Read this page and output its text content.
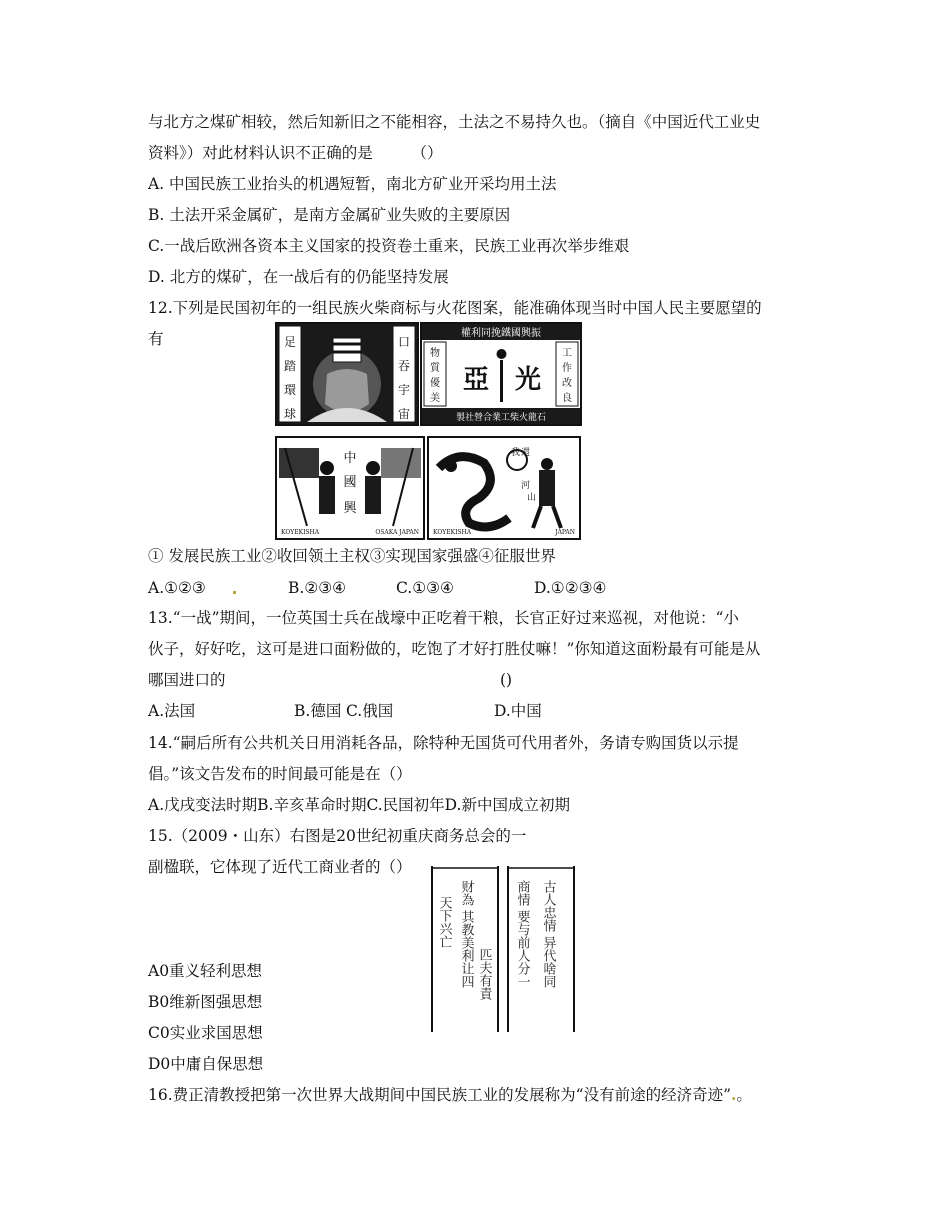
与北方之煤矿相较，然后知新旧之不能相容，土法之不易持久也。（摘自《中国近代工业史
资料》）对此材料认识不正确的是　　　（）
A. 中国民族工业抬头的机遇短暂，南北方矿业开采均用土法
B. 土法开采金属矿，是南方金属矿业失败的主要原因
C.一战后欧洲各资本主义国家的投资卷土重来，民族工业再次举步维艰
D. 北方的煤矿，在一战后有的仍能坚持发展
12.下列是民国初年的一组民族火柴商标与火花图案，能准确体现当时中国人民主要愿望的
有	足
踏
環
球
口
吞
宇
宙
權利同挽鐵國興振
製社營合業工柴火龍石
物
質
優
美
工
作
改
良
亞 光
中
國
興
KOYEKISHA	OSAKA JAPAN
我 還
河
山
KOYEKISHA	JAPAN
① 发展民族工业②收回领土主权③实现国家强盛④征服世界
A.①②③	B.②③④	C.①③④	D.①②③④
13.“一战”期间，一位英国士兵在战壕中正吃着干粮，长官正好过来巡视，对他说：“小
伙子，好好吃，这可是进口面粉做的，吃饱了才好打胜仗嘛！”你知道这面粉最有可能是从
哪国进口的	()
A.法国	B.德国 C.俄国	D.中国
14.“嗣后所有公共机关日用消耗各品，除特种无国货可代用者外，务请专购国货以示提
倡。”该文告发布的时间最可能是在（）
A.戊戌变法时期B.辛亥革命时期C.民国初年D.新中国成立初期
15.（2009・山东）右图是20世纪初重庆商务总会的一
副楹联，它体现了近代工商业者的（）
天下兴亡 财為 其教美利让四 匹夫有責 商情 要与前人分一 古人忠情 异代啥同
A0重义轻利思想
B0维新图强思想
C0实业求国思想
D0中庸自保思想
16.费正清教授把第一次世界大战期间中国民族工业的发展称为“没有前途的经济奇迹”.。
